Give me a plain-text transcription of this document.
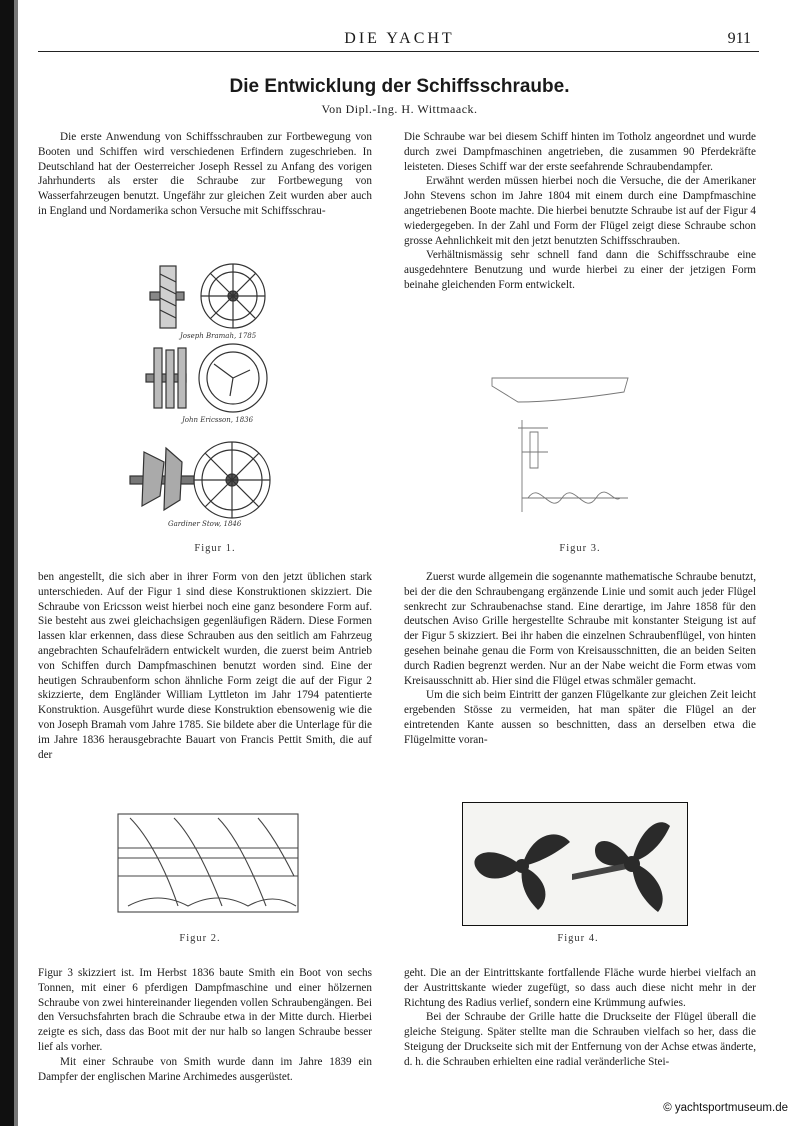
DIE YACHT	911
Die Entwicklung der Schiffsschraube.
Von Dipl.-Ing. H. Wittmaack.

Die erste Anwendung von Schiffsschrauben zur Fortbewegung von Booten und Schiffen wird verschiedenen Erfindern zugeschrieben. In Deutschland hat der Oesterreicher Joseph Ressel zu Anfang des vorigen Jahrhunderts als erster die Schraube zur Fortbewegung von Wasserfahrzeugen benutzt. Ungefähr zur gleichen Zeit wurden aber auch in England und Nordamerika schon Versuche mit Schiffsschrau-

Die Schraube war bei diesem Schiff hinten im Totholz angeordnet und wurde durch zwei Dampfmaschinen angetrieben, die zusammen 90 Pferdekräfte leisteten. Dieses Schiff war der erste seefahrende Schraubendampfer.

Erwähnt werden müssen hierbei noch die Versuche, die der Amerikaner John Stevens schon im Jahre 1804 mit einem durch eine Dampfmaschine angetriebenen Boote machte. Die hierbei benutzte Schraube ist auf der Figur 4 wiedergegeben. In der Zahl und Form der Flügel zeigt diese Schraube schon grosse Aehnlichkeit mit den jetzt benutzten Schiffsschrauben.

Verhältnismässig sehr schnell fand dann die Schiffsschraube eine ausgedehntere Benutzung und wurde hierbei zu einer der jetzigen Form beinahe gleichenden Form entwickelt.

Joseph Bramah, 1785
John Ericsson, 1836
Gardiner Stow, 1846
Figur 1.	Figur 3.

ben angestellt, die sich aber in ihrer Form von den jetzt üblichen stark unterschieden. Auf der Figur 1 sind diese Konstruktionen skizziert. Die Schraube von Ericsson weist hierbei noch eine ganz besondere Form auf. Sie besteht aus zwei gleichachsigen gegenläufigen Rädern. Diese Formen lassen klar erkennen, dass diese Schrauben aus den seitlich am Fahrzeug angebrachten Schaufelrädern entwickelt wurden, die zuerst beim Antrieb von Schiffen durch Dampfmaschinen benutzt worden sind. Eine der heutigen Schraubenform schon ähnliche Form zeigt die auf der Figur 2 skizzierte, dem Engländer William Lyttleton im Jahr 1794 patentierte Konstruktion. Ausgeführt wurde diese Konstruktion ebensowenig wie die von Joseph Bramah vom Jahre 1785. Sie bildete aber die Unterlage für die im Jahre 1836 herausgebrachte Bauart von Francis Pettit Smith, die auf der

Zuerst wurde allgemein die sogenannte mathematische Schraube benutzt, bei der die den Schraubengang ergänzende Linie und somit auch jeder Flügel senkrecht zur Schraubenachse stand. Eine derartige, im Jahre 1858 für den deutschen Aviso Grille hergestellte Schraube mit konstanter Steigung ist auf der Figur 5 skizziert. Bei ihr haben die einzelnen Schraubenflügel, von hinten gesehen beinahe genau die Form von Kreisausschnitten, die an beiden Seiten durch Radien begrenzt werden. Nur an der Nabe weicht die Form etwas vom Kreisausschnitt ab. Hier sind die Flügel etwas schmäler gemacht.

Um die sich beim Eintritt der ganzen Flügelkante zur gleichen Zeit leicht ergebenden Stösse zu vermeiden, hat man später die Flügel an der eintretenden Kante aussen so beschnitten, dass an derselben etwa die Flügelmitte voran-

Figur 2.	Figur 4.

Figur 3 skizziert ist. Im Herbst 1836 baute Smith ein Boot von sechs Tonnen, mit einer 6 pferdigen Dampfmaschine und einer hölzernen Schraube von zwei hintereinander liegenden vollen Schraubengängen. Bei den Versuchsfahrten brach die Schraube etwa in der Mitte durch. Hierbei zeigte es sich, dass das Boot mit der nur halb so langen Schraube besser lief als vorher.

Mit einer Schraube von Smith wurde dann im Jahre 1839 ein Dampfer der englischen Marine Archimedes ausgerüstet.

geht. Die an der Eintrittskante fortfallende Fläche wurde hierbei vielfach an der Austrittskante wieder zugefügt, so dass auch diese nicht mehr in der Richtung des Radius verlief, sondern eine Krümmung aufwies.

Bei der Schraube der Grille hatte die Druckseite der Flügel überall die gleiche Steigung. Später stellte man die Schrauben vielfach so her, dass die Steigung der Druckseite sich mit der Entfernung von der Achse etwas änderte, d. h. die Schrauben erhielten eine radial veränderliche Stei-

© yachtsportmuseum.de
